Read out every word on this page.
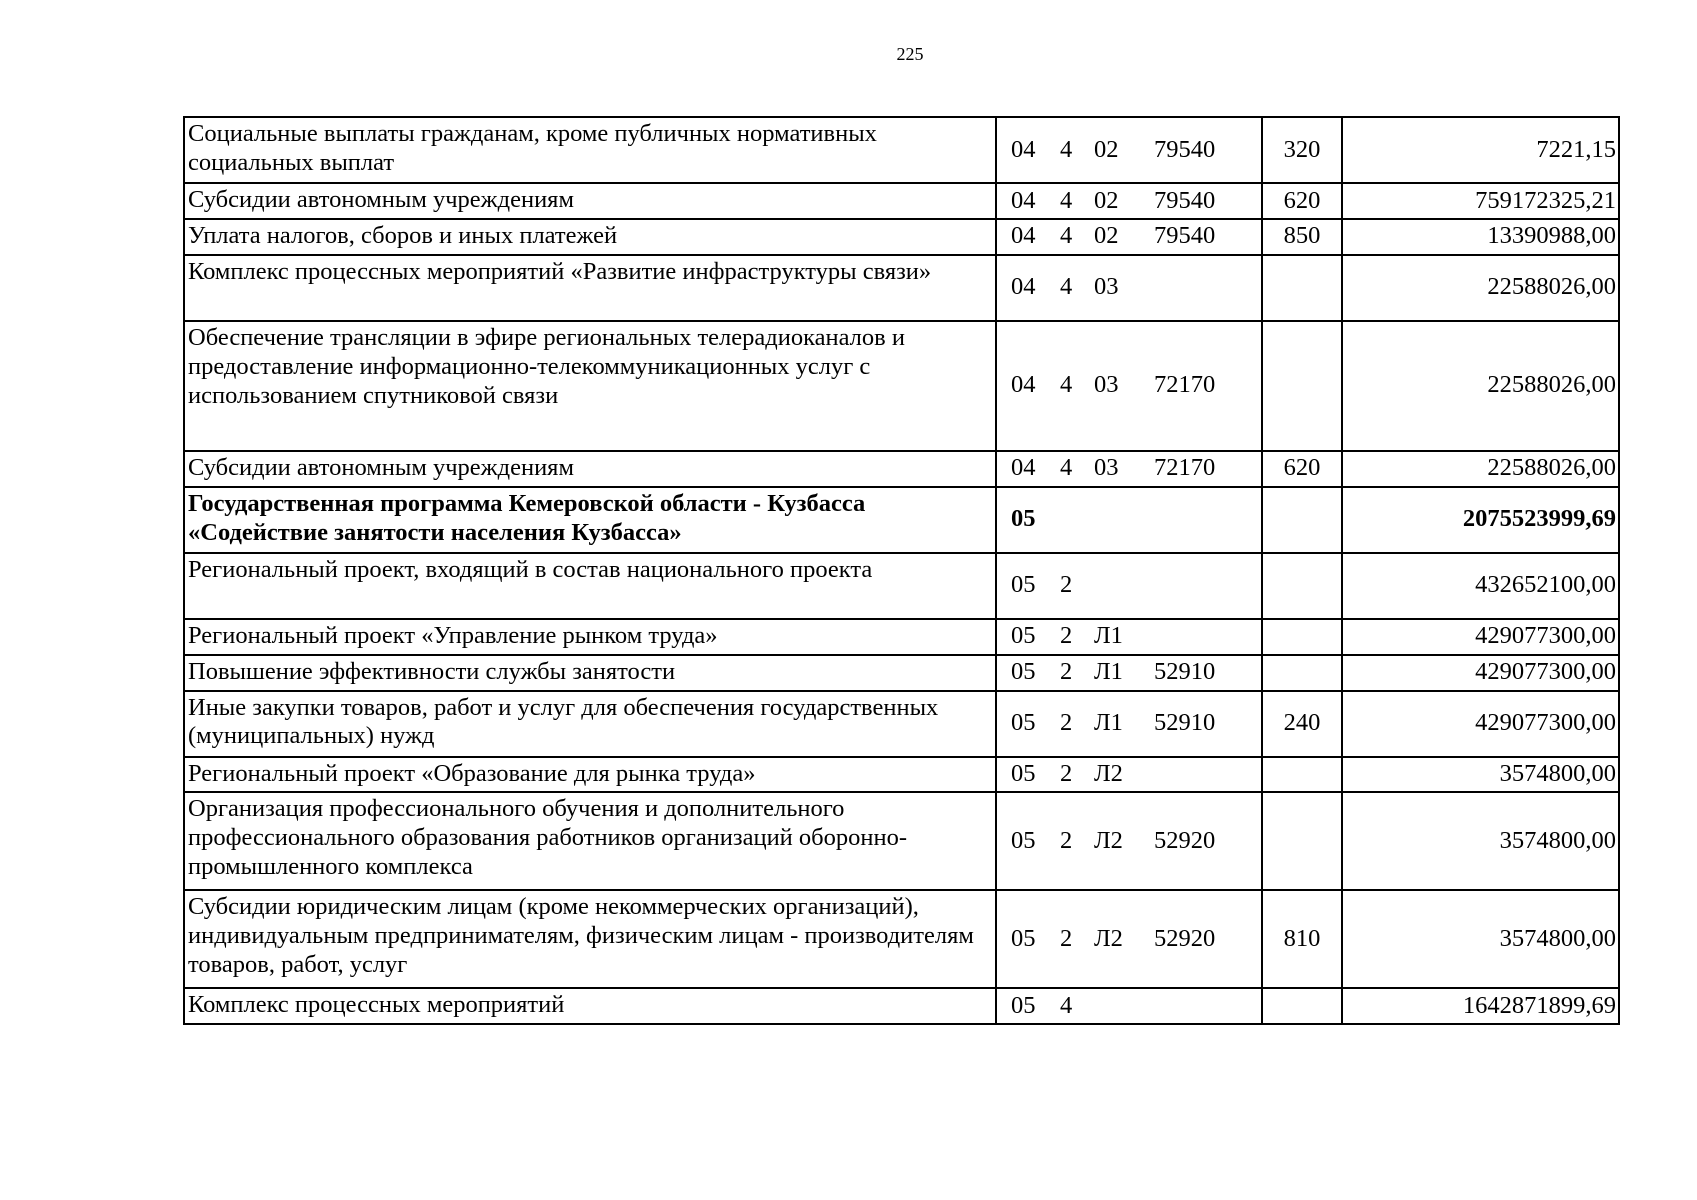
225
Социальные выплаты гражданам, кроме публичных нормативных социальных выплат	04 4 02 79540	320	7221,15
Субсидии автономным учреждениям	04 4 02 79540	620	759172325,21
Уплата налогов, сборов и иных платежей	04 4 02 79540	850	13390988,00
Комплекс процессных мероприятий «Развитие инфраструктуры связи»	04 4 03		22588026,00
Обеспечение трансляции в эфире региональных телерадиоканалов и предоставление информационно-телекоммуникационных услуг с использованием спутниковой связи	04 4 03 72170		22588026,00
Субсидии автономным учреждениям	04 4 03 72170	620	22588026,00
Государственная программа Кемеровской области - Кузбасса «Содействие занятости населения Кузбасса»	05		2075523999,69
Региональный проект, входящий в состав национального проекта	05 2		432652100,00
Региональный проект «Управление рынком труда»	05 2 Л1		429077300,00
Повышение эффективности службы занятости	05 2 Л1 52910		429077300,00
Иные закупки товаров, работ и услуг для обеспечения государственных (муниципальных) нужд	05 2 Л1 52910	240	429077300,00
Региональный проект «Образование для рынка труда»	05 2 Л2		3574800,00
Организация профессионального обучения и дополнительного профессионального образования работников организаций оборонно-промышленного комплекса	05 2 Л2 52920		3574800,00
Субсидии юридическим лицам (кроме некоммерческих организаций), индивидуальным предпринимателям, физическим лицам - производителям товаров, работ, услуг	05 2 Л2 52920	810	3574800,00
Комплекс процессных мероприятий	05 4		1642871899,69
